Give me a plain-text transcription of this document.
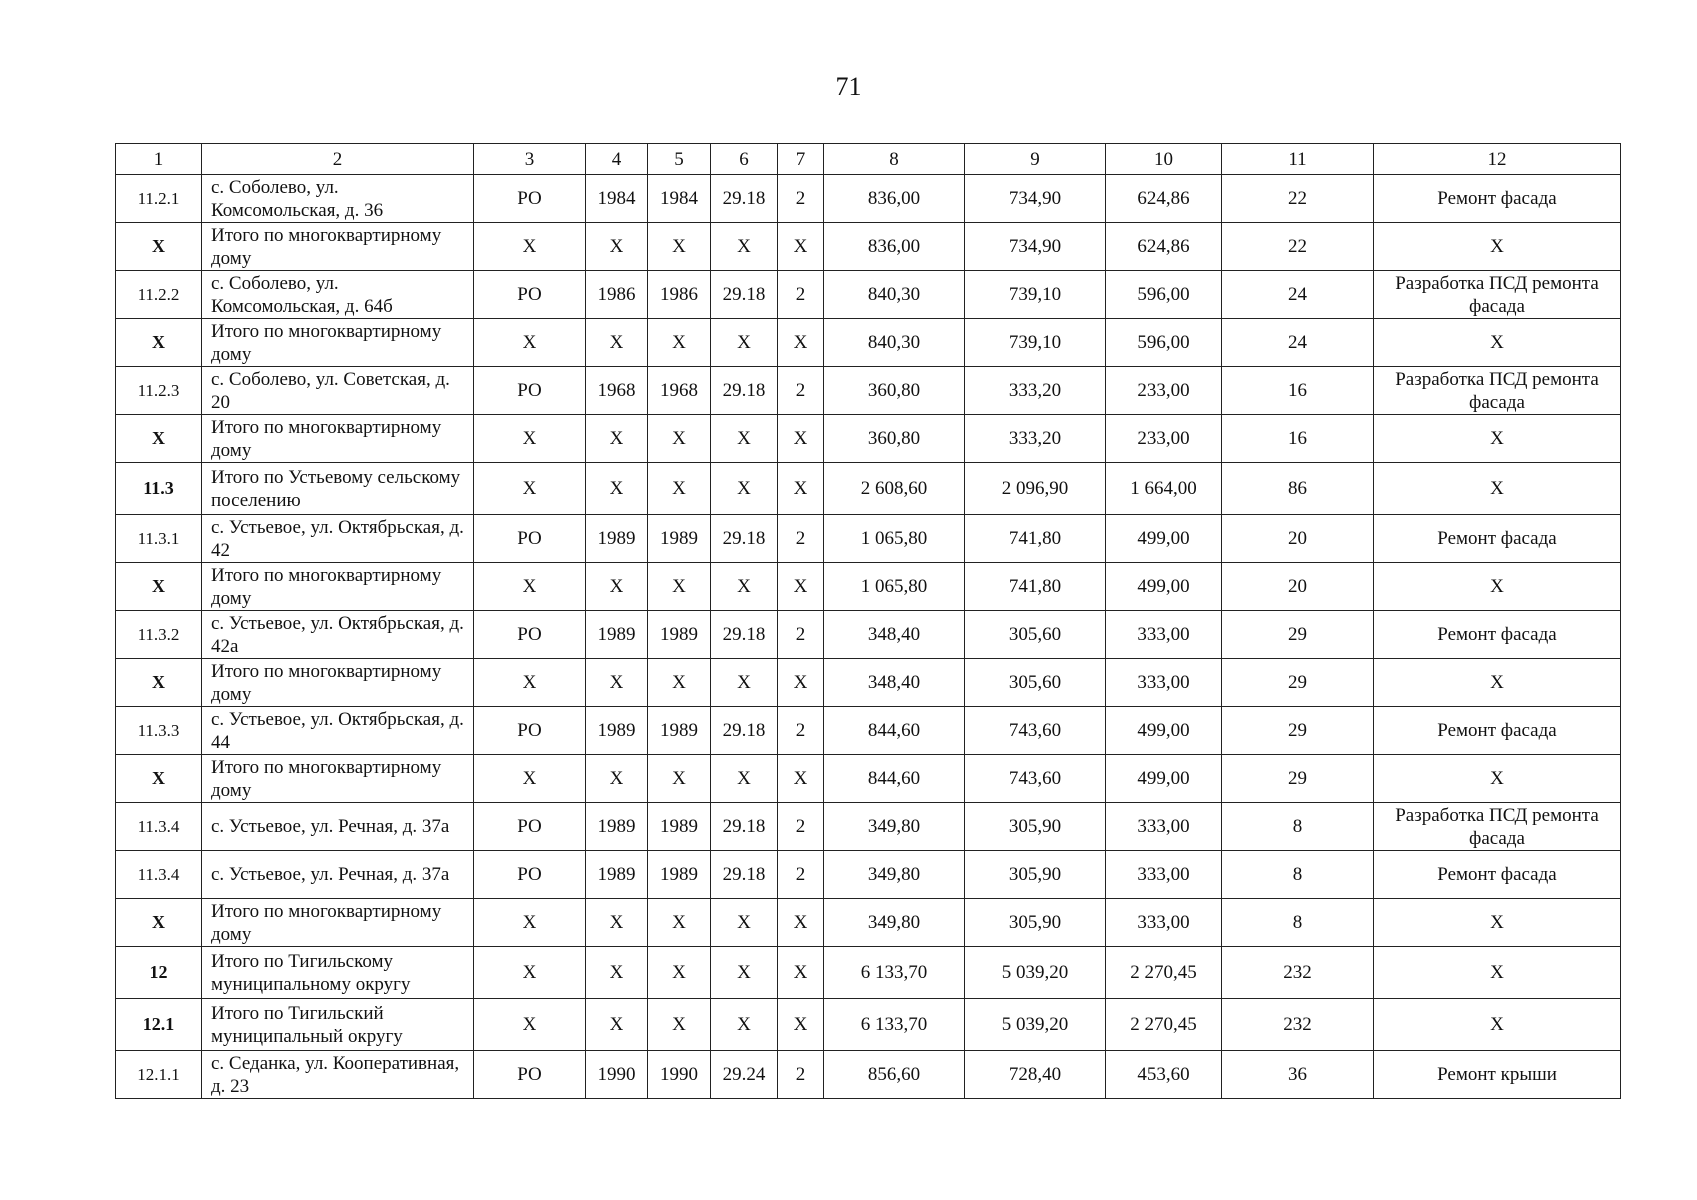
71
1	2	3	4	5	6	7	8	9	10	11	12
11.2.1	с. Соболево, ул. Комсомольская, д. 36	РО	1984	1984	29.18	2	836,00	734,90	624,86	22	Ремонт фасада
Х	Итого по многоквартирному дому	Х	Х	Х	Х	Х	836,00	734,90	624,86	22	Х
11.2.2	с. Соболево, ул. Комсомольская, д. 64б	РО	1986	1986	29.18	2	840,30	739,10	596,00	24	Разработка ПСД ремонта фасада
Х	Итого по многоквартирному дому	Х	Х	Х	Х	Х	840,30	739,10	596,00	24	Х
11.2.3	с. Соболево, ул. Советская, д. 20	РО	1968	1968	29.18	2	360,80	333,20	233,00	16	Разработка ПСД ремонта фасада
Х	Итого по многоквартирному дому	Х	Х	Х	Х	Х	360,80	333,20	233,00	16	Х
11.3	Итого по Устьевому сельскому поселению	Х	Х	Х	Х	Х	2 608,60	2 096,90	1 664,00	86	Х
11.3.1	с. Устьевое, ул. Октябрьская, д. 42	РО	1989	1989	29.18	2	1 065,80	741,80	499,00	20	Ремонт фасада
Х	Итого по многоквартирному дому	Х	Х	Х	Х	Х	1 065,80	741,80	499,00	20	Х
11.3.2	с. Устьевое, ул. Октябрьская, д. 42а	РО	1989	1989	29.18	2	348,40	305,60	333,00	29	Ремонт фасада
Х	Итого по многоквартирному дому	Х	Х	Х	Х	Х	348,40	305,60	333,00	29	Х
11.3.3	с. Устьевое, ул. Октябрьская, д. 44	РО	1989	1989	29.18	2	844,60	743,60	499,00	29	Ремонт фасада
Х	Итого по многоквартирному дому	Х	Х	Х	Х	Х	844,60	743,60	499,00	29	Х
11.3.4	с. Устьевое, ул. Речная, д. 37а	РО	1989	1989	29.18	2	349,80	305,90	333,00	8	Разработка ПСД ремонта фасада
11.3.4	с. Устьевое, ул. Речная, д. 37а	РО	1989	1989	29.18	2	349,80	305,90	333,00	8	Ремонт фасада
Х	Итого по многоквартирному дому	Х	Х	Х	Х	Х	349,80	305,90	333,00	8	Х
12	Итого по Тигильскому муниципальному округу	Х	Х	Х	Х	Х	6 133,70	5 039,20	2 270,45	232	Х
12.1	Итого по Тигильский муниципальный округу	Х	Х	Х	Х	Х	6 133,70	5 039,20	2 270,45	232	Х
12.1.1	с. Седанка, ул. Кооперативная, д. 23	РО	1990	1990	29.24	2	856,60	728,40	453,60	36	Ремонт крыши
